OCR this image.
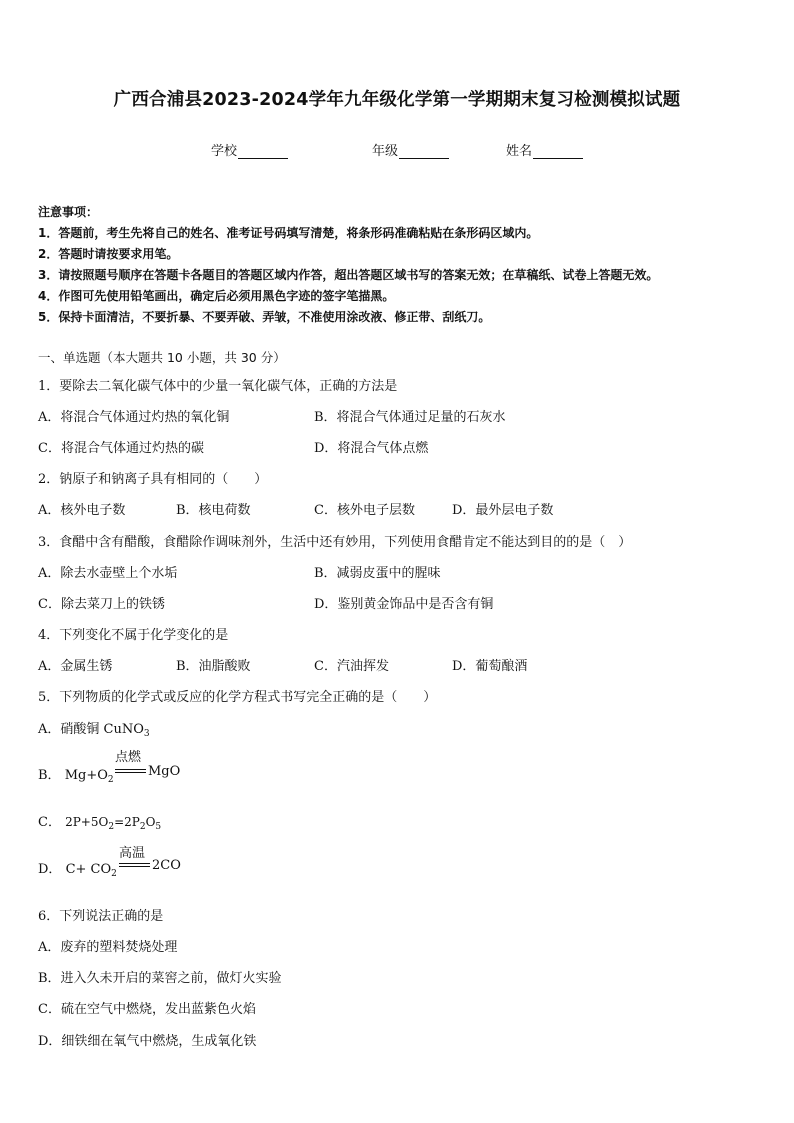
广西合浦县2023-2024学年九年级化学第一学期期末复习检测模拟试题
学校	年级	姓名
注意事项：
1．答题前，考生先将自己的姓名、准考证号码填写清楚，将条形码准确粘贴在条形码区域内。
2．答题时请按要求用笔。
3．请按照题号顺序在答题卡各题目的答题区域内作答，超出答题区域书写的答案无效；在草稿纸、试卷上答题无效。
4．作图可先使用铅笔画出，确定后必须用黑色字迹的签字笔描黑。
5．保持卡面清洁，不要折暴、不要弄破、弄皱，不准使用涂改液、修正带、刮纸刀。
一、单选题（本大题共 10 小题，共 30 分）
1．要除去二氧化碳气体中的少量一氧化碳气体，正确的方法是
A．将混合气体通过灼热的氧化铜	B．将混合气体通过足量的石灰水
C．将混合气体通过灼热的碳	D．将混合气体点燃
2．钠原子和钠离子具有相同的（　　）
A．核外电子数	B．核电荷数	C．核外电子层数	D．最外层电子数
3．食醋中含有醋酸，食醋除作调味剂外，生活中还有妙用，下列使用食醋肯定不能达到目的的是（　）
A．除去水壶壁上个水垢	B．减弱皮蛋中的腥味
C．除去菜刀上的铁锈	D．鉴别黄金饰品中是否含有铜
4．下列变化不属于化学变化的是
A．金属生锈	B．油脂酸败	C．汽油挥发	D．葡萄酿酒
5．下列物质的化学式或反应的化学方程式书写完全正确的是（　　）
A．硝酸铜 CuNO$_3$
B． $Mg+O_2$
点燃
MgO
C． $2P+5O_2=2P_2O_5$
D． $C+ CO_2$
高温
2CO
6．下列说法正确的是
A．废弃的塑料焚烧处理
B．进入久未开启的菜窖之前，做灯火实验
C．硫在空气中燃烧，发出蓝紫色火焰
D．细铁细在氧气中燃烧，生成氧化铁
